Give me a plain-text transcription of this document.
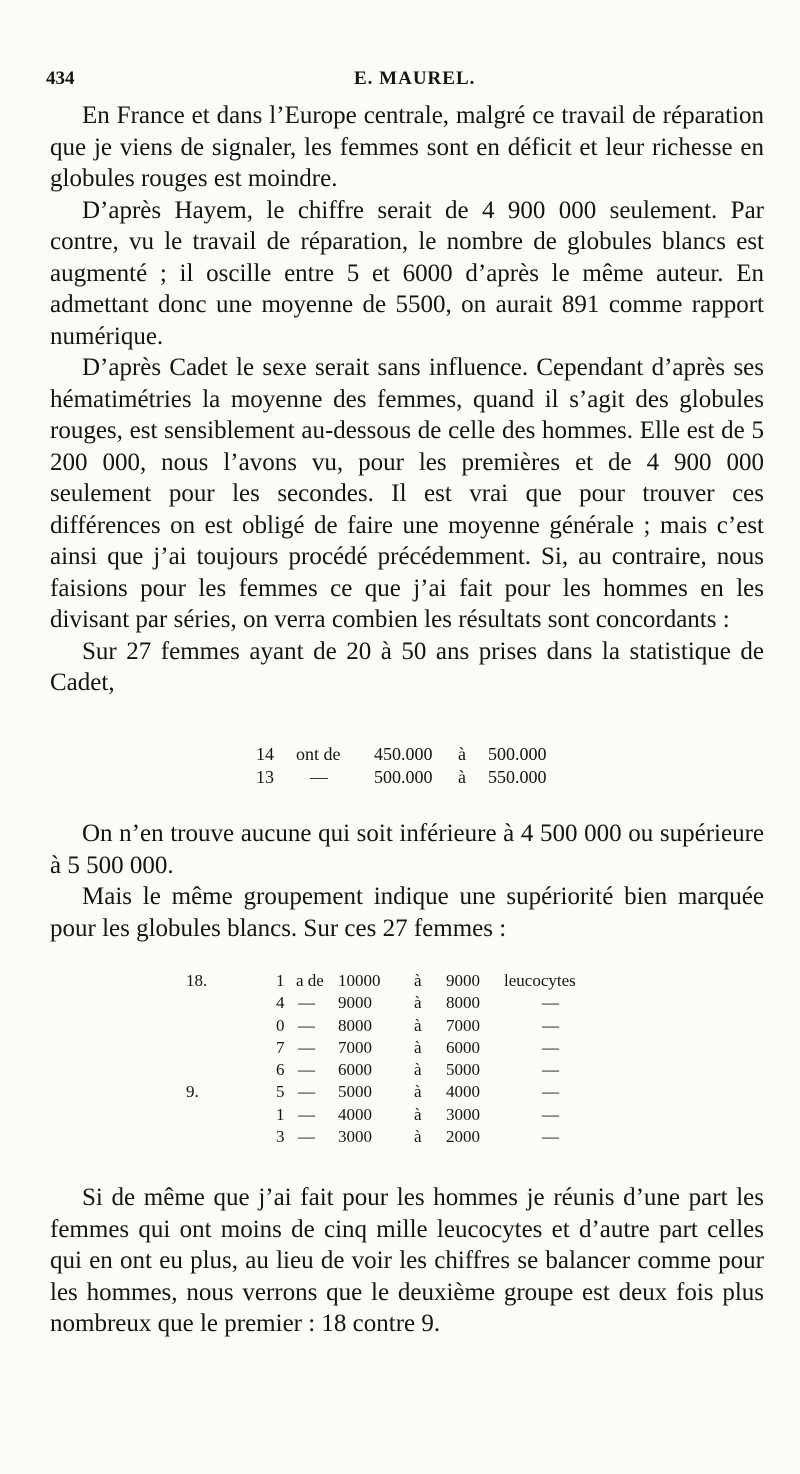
434	E. MAUREL.

En France et dans l’Europe centrale, malgré ce travail de réparation que je viens de signaler, les femmes sont en déficit et leur richesse en globules rouges est moindre.

D’après Hayem, le chiffre serait de 4 900 000 seulement. Par contre, vu le travail de réparation, le nombre de globules blancs est augmenté ; il oscille entre 5 et 6000 d’après le même auteur. En admettant donc une moyenne de 5500, on aurait 891 comme rapport numérique.

D’après Cadet le sexe serait sans influence. Cependant d’après ses hématimétries la moyenne des femmes, quand il s’agit des globules rouges, est sensiblement au-dessous de celle des hommes. Elle est de 5 200 000, nous l’avons vu, pour les premières et de 4 900 000 seulement pour les secondes. Il est vrai que pour trouver ces différences on est obligé de faire une moyenne générale ; mais c’est ainsi que j’ai toujours procédé précédemment. Si, au contraire, nous faisions pour les femmes ce que j’ai fait pour les hommes en les divisant par séries, on verra combien les résultats sont concordants :

Sur 27 femmes ayant de 20 à 50 ans prises dans la statistique de Cadet,

14 ont de 450.000 à 500.000
13 —	500.000 à 550.000

On n’en trouve aucune qui soit inférieure à 4 500 000 ou supérieure à 5 500 000.

Mais le même groupement indique une supériorité bien marquée pour les globules blancs. Sur ces 27 femmes :

18.	1 a de 10000 à 9000 leucocytes
4 — 9000 à 8000	—
0 — 8000 à 7000	—
7 — 7000 à 6000	—
6 — 6000 à 5000	—
9.	5 — 5000 à 4000	—
1 — 4000 à 3000	—
3 — 3000 à 2000	—

Si de même que j’ai fait pour les hommes je réunis d’une part les femmes qui ont moins de cinq mille leucocytes et d’autre part celles qui en ont eu plus, au lieu de voir les chiffres se balancer comme pour les hommes, nous verrons que le deuxième groupe est deux fois plus nombreux que le premier : 18 contre 9.
